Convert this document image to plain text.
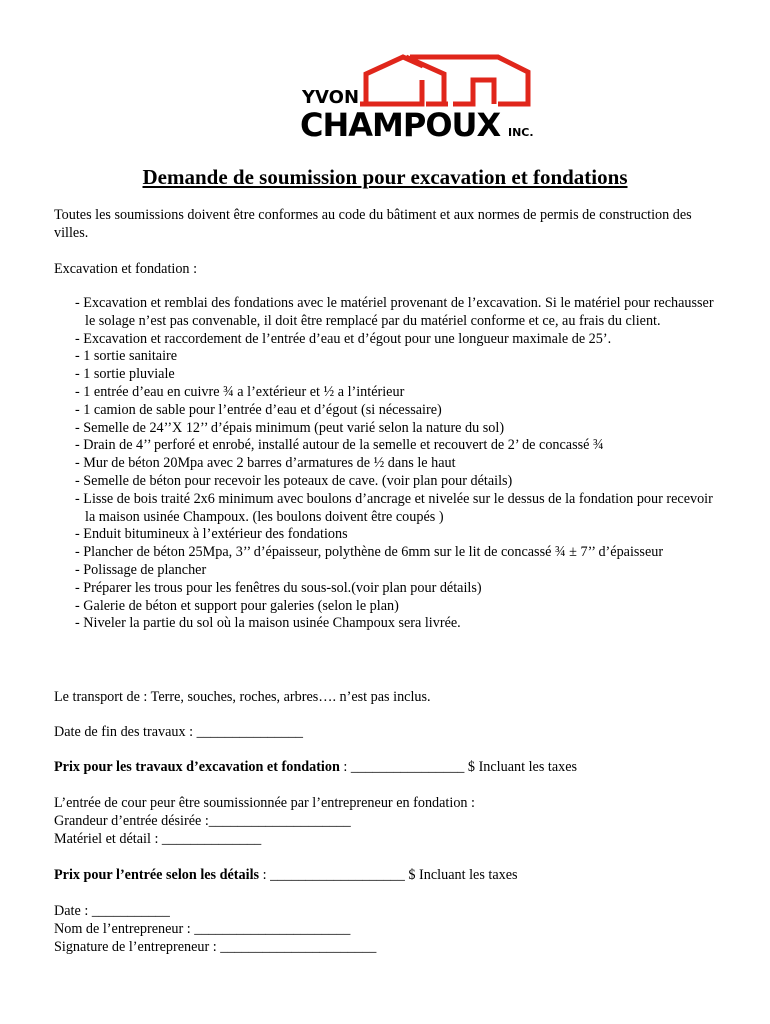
YVON
CHAMPOUX INC.
Demande de soumission pour excavation et fondations
Toutes les soumissions doivent être conformes au code du bâtiment et aux normes de permis de construction des villes.
Excavation et fondation :
- Excavation et remblai des fondations avec le matériel provenant de l’excavation. Si le matériel pour rechausser le solage n’est pas convenable, il doit être remplacé par du matériel conforme et ce, au frais du client.
- Excavation et raccordement de l’entrée d’eau et d’égout pour une longueur maximale de 25’.
- 1 sortie sanitaire
- 1 sortie pluviale
- 1 entrée d’eau en cuivre ¾ a l’extérieur et ½ a l’intérieur
- 1 camion de sable pour l’entrée d’eau et d’égout (si nécessaire)
- Semelle de 24’’X 12’’ d’épais minimum (peut varié selon la nature du sol)
- Drain de 4’’ perforé et enrobé, installé autour de la semelle et recouvert de 2’ de concassé ¾
- Mur de béton 20Mpa avec 2 barres d’armatures de ½ dans le haut
- Semelle de béton pour recevoir les poteaux de cave. (voir plan pour détails)
- Lisse de bois traité 2x6 minimum avec boulons d’ancrage et nivelée sur le dessus de la fondation pour recevoir la maison usinée Champoux. (les boulons doivent être coupés )
- Enduit bitumineux à l’extérieur des fondations
- Plancher de béton 25Mpa, 3’’ d’épaisseur, polythène de 6mm sur le lit de concassé ¾ ± 7’’ d’épaisseur
- Polissage de plancher
- Préparer les trous pour les fenêtres du sous-sol.(voir plan pour détails)
- Galerie de béton et support pour galeries (selon le plan)
- Niveler la partie du sol où la maison usinée Champoux sera livrée.
Le transport de : Terre, souches, roches, arbres…. n’est pas inclus.
Date de fin des travaux : _______________
Prix pour les travaux d’excavation et fondation : ________________ $ Incluant les taxes
L’entrée de cour peur être soumissionnée par l’entrepreneur en fondation :
Grandeur d’entrée désirée :____________________
Matériel et détail : ______________
Prix pour l’entrée selon les détails : ___________________ $ Incluant les taxes
Date : ___________
Nom de l’entrepreneur : ______________________
Signature de l’entrepreneur : ______________________
